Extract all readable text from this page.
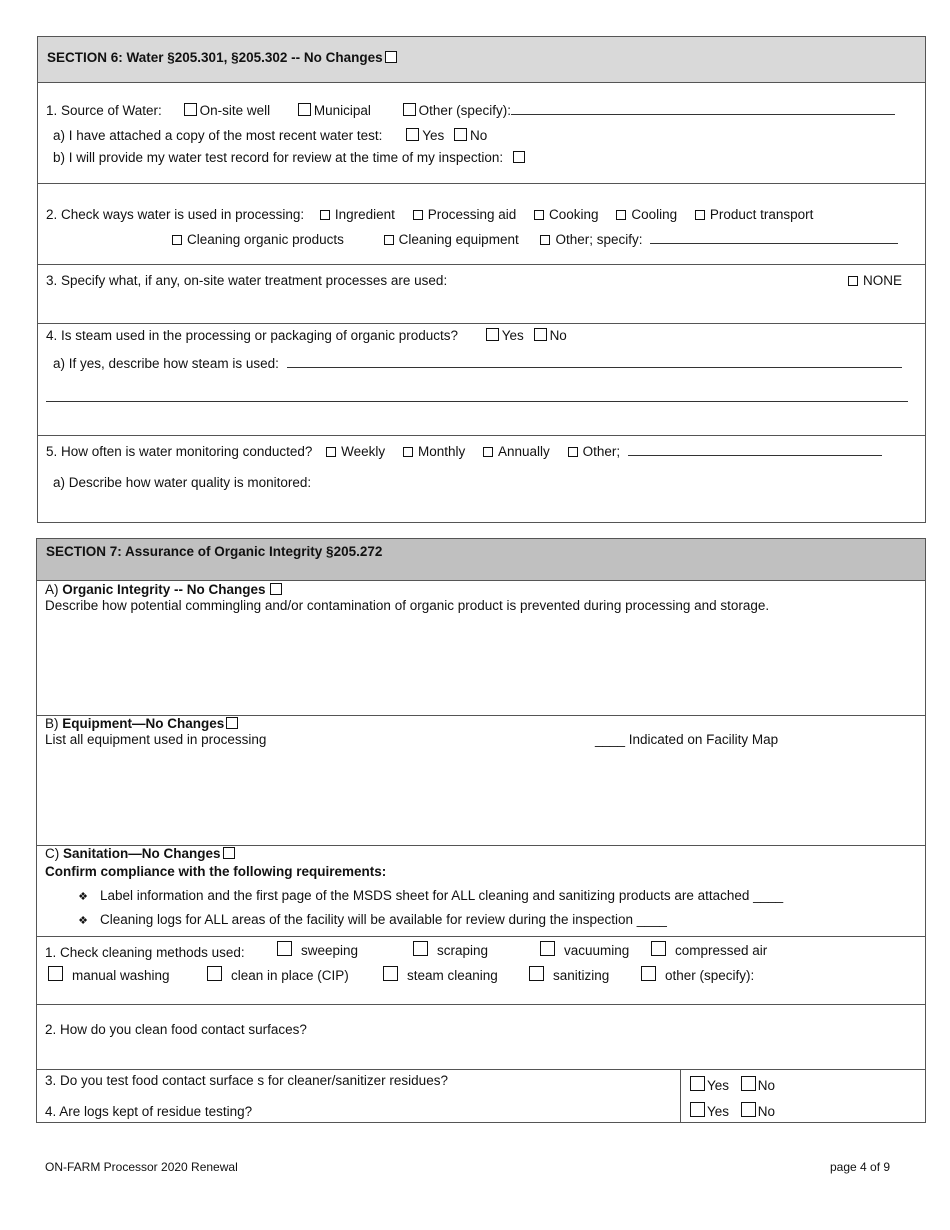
SECTION 6: Water §205.301, §205.302 -- No Changes
1. Source of Water:	On-site well	Municipal	Other (specify):
a) I have attached a copy of the most recent water test:	Yes No
b) I will provide my water test record for review at the time of my inspection:
2. Check ways water is used in processing: Ingredient Processing aid Cooking Cooling Product transport
Cleaning organic products	Cleaning equipment	Other; specify:
3. Specify what, if any, on-site water treatment processes are used:	NONE
4. Is steam used in the processing or packaging of organic products?	Yes No
a) If yes, describe how steam is used:
5. How often is water monitoring conducted? Weekly Monthly Annually Other;
a) Describe how water quality is monitored:
SECTION 7: Assurance of Organic Integrity §205.272
A) Organic Integrity -- No Changes
Describe how potential commingling and/or contamination of organic product is prevented during processing and storage.
B) Equipment—No Changes
List all equipment used in processing	____ Indicated on Facility Map
C) Sanitation—No Changes
Confirm compliance with the following requirements:
❖ Label information and the first page of the MSDS sheet for ALL cleaning and sanitizing products are attached ____
❖ Cleaning logs for ALL areas of the facility will be available for review during the inspection ____
1. Check cleaning methods used:	sweeping	scraping	vacuuming	compressed air
manual washing	clean in place (CIP)	steam cleaning	sanitizing	other (specify):
2. How do you clean food contact surfaces?
3. Do you test food contact surface s for cleaner/sanitizer residues?	Yes No
4. Are logs kept of residue testing?	Yes No
ON-FARM Processor 2020 Renewal	page 4 of 9
